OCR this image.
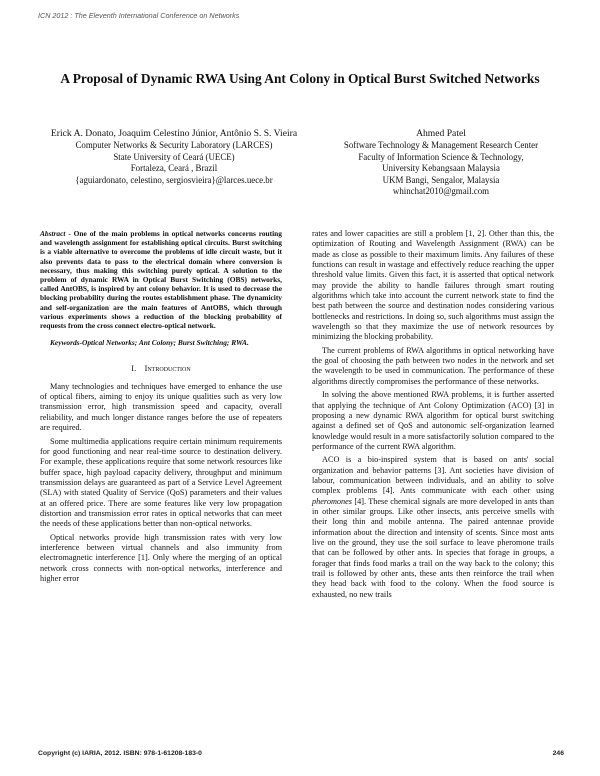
ICN 2012 : The Eleventh International Conference on Networks
A Proposal of Dynamic RWA Using Ant Colony in Optical Burst Switched Networks
Erick A. Donato, Joaquim Celestino Júnior, Antônio S. S. Vieira
Computer Networks & Security Laboratory (LARCES)
State University of Ceará (UECE)
Fortaleza, Ceará , Brazil
{aguiardonato, celestino, sergiosvieira}@larces.uece.br
Ahmed Patel
Software Technology & Management Research Center
Faculty of Information Science & Technology,
University Kebangsaan Malaysia
UKM Bangi, Sengalor, Malaysia
whinchat2010@gmail.com
Abstract - One of the main problems in optical networks concerns routing and wavelength assignment for establishing optical circuits. Burst switching is a viable alternative to overcome the problems of idle circuit waste, but it also prevents data to pass to the electrical domain where conversion is necessary, thus making this switching purely optical. A solution to the problem of dynamic RWA in Optical Burst Switching (OBS) networks, called AntOBS, is inspired by ant colony behavior. It is used to decrease the blocking probability during the routes establishment phase. The dynamicity and self-organization are the main features of AntOBS, which through various experiments shows a reduction of the blocking probability of requests from the cross connect electro-optical network.
Keywords-Optical Networks; Ant Colony; Burst Switching; RWA.
I. Introduction

Many technologies and techniques have emerged to enhance the use of optical fibers, aiming to enjoy its unique qualities such as very low transmission error, high transmission speed and capacity, overall reliability, and much longer distance ranges before the use of repeaters are required.

Some multimedia applications require certain minimum requirements for good functioning and near real-time source to destination delivery. For example, these applications require that some network resources like buffer space, high payload capacity delivery, throughput and minimum transmission delays are guaranteed as part of a Service Level Agreement (SLA) with stated Quality of Service (QoS) parameters and their values at an offered price. There are some features like very low propagation distortion and transmission error rates in optical networks that can meet the needs of these applications better than non-optical networks.

Optical networks provide high transmission rates with very low interference between virtual channels and also immunity from electromagnetic interference [1]. Only where the merging of an optical network cross connects with non-optical networks, interference and higher error

rates and lower capacities are still a problem [1, 2]. Other than this, the optimization of Routing and Wavelength Assignment (RWA) can be made as close as possible to their maximum limits. Any failures of these functions can result in wastage and effectively reduce reaching the upper threshold value limits. Given this fact, it is asserted that optical network may provide the ability to handle failures through smart routing algorithms which take into account the current network state to find the best path between the source and destination nodes considering various bottlenecks and restrictions. In doing so, such algorithms must assign the wavelength so that they maximize the use of network resources by minimizing the blocking probability.

The current problems of RWA algorithms in optical networking have the goal of choosing the path between two nodes in the network and set the wavelength to be used in communication. The performance of these algorithms directly compromises the performance of these networks.

In solving the above mentioned RWA problems, it is further asserted that applying the technique of Ant Colony Optimization (ACO) [3] in proposing a new dynamic RWA algorithm for optical burst switching against a defined set of QoS and autonomic self-organization learned knowledge would result in a more satisfactorily solution compared to the performance of the current RWA algorithm.

ACO is a bio-inspired system that is based on ants' social organization and behavior patterns [3]. Ant societies have division of labour, communication between individuals, and an ability to solve complex problems [4]. Ants communicate with each other using pheromones [4]. These chemical signals are more developed in ants than in other similar groups. Like other insects, ants perceive smells with their long thin and mobile antenna. The paired antennae provide information about the direction and intensity of scents. Since most ants live on the ground, they use the soil surface to leave pheromone trails that can be followed by other ants. In species that forage in groups, a forager that finds food marks a trail on the way back to the colony; this trail is followed by other ants, these ants then reinforce the trail when they head back with food to the colony. When the food source is exhausted, no new trails

Copyright (c) IARIA, 2012. ISBN: 978-1-61208-183-0	246
